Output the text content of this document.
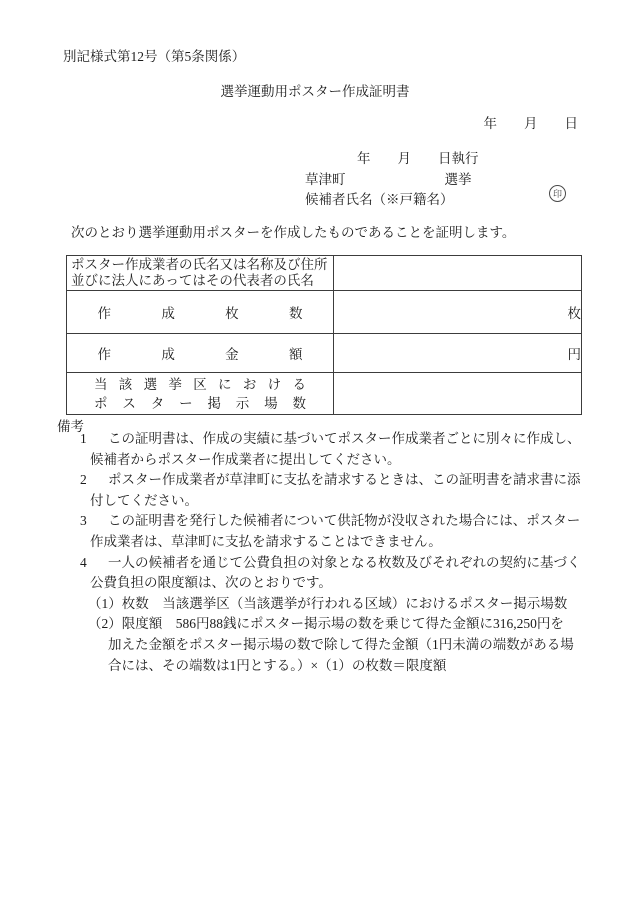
別記様式第12号（第5条関係）
選挙運動用ポスター作成証明書
年　　月　　日
年　　月　　日執行
草津町	選挙
候補者氏名（※戸籍名）	印
次のとおり選挙運動用ポスターを作成したものであることを証明します。
ポスター作成業者の氏名又は名称及び住所
並びに法人にあってはその代表者の氏名	

作 成 枚 数	枚
作 成 金 額	円

当 該 選 挙 区 に お け る
ポ ス タ ー 掲 示 場 数	

備考
1 この証明書は、作成の実績に基づいてポスター作成業者ごとに別々に作成し、
候補者からポスター作成業者に提出してください。
2 ポスター作成業者が草津町に支払を請求するときは、この証明書を請求書に添
付してください。
3 この証明書を発行した候補者について供託物が没収された場合には、ポスター
作成業者は、草津町に支払を請求することはできません。
4 一人の候補者を通じて公費負担の対象となる枚数及びそれぞれの契約に基づく
公費負担の限度額は、次のとおりです。
（1）枚数　当該選挙区（当該選挙が行われる区域）におけるポスター掲示場数
（2）限度額　586円88銭にポスター掲示場の数を乗じて得た金額に316,250円を
加えた金額をポスター掲示場の数で除して得た金額（1円未満の端数がある場
合には、その端数は1円とする。）×（1）の枚数＝限度額
